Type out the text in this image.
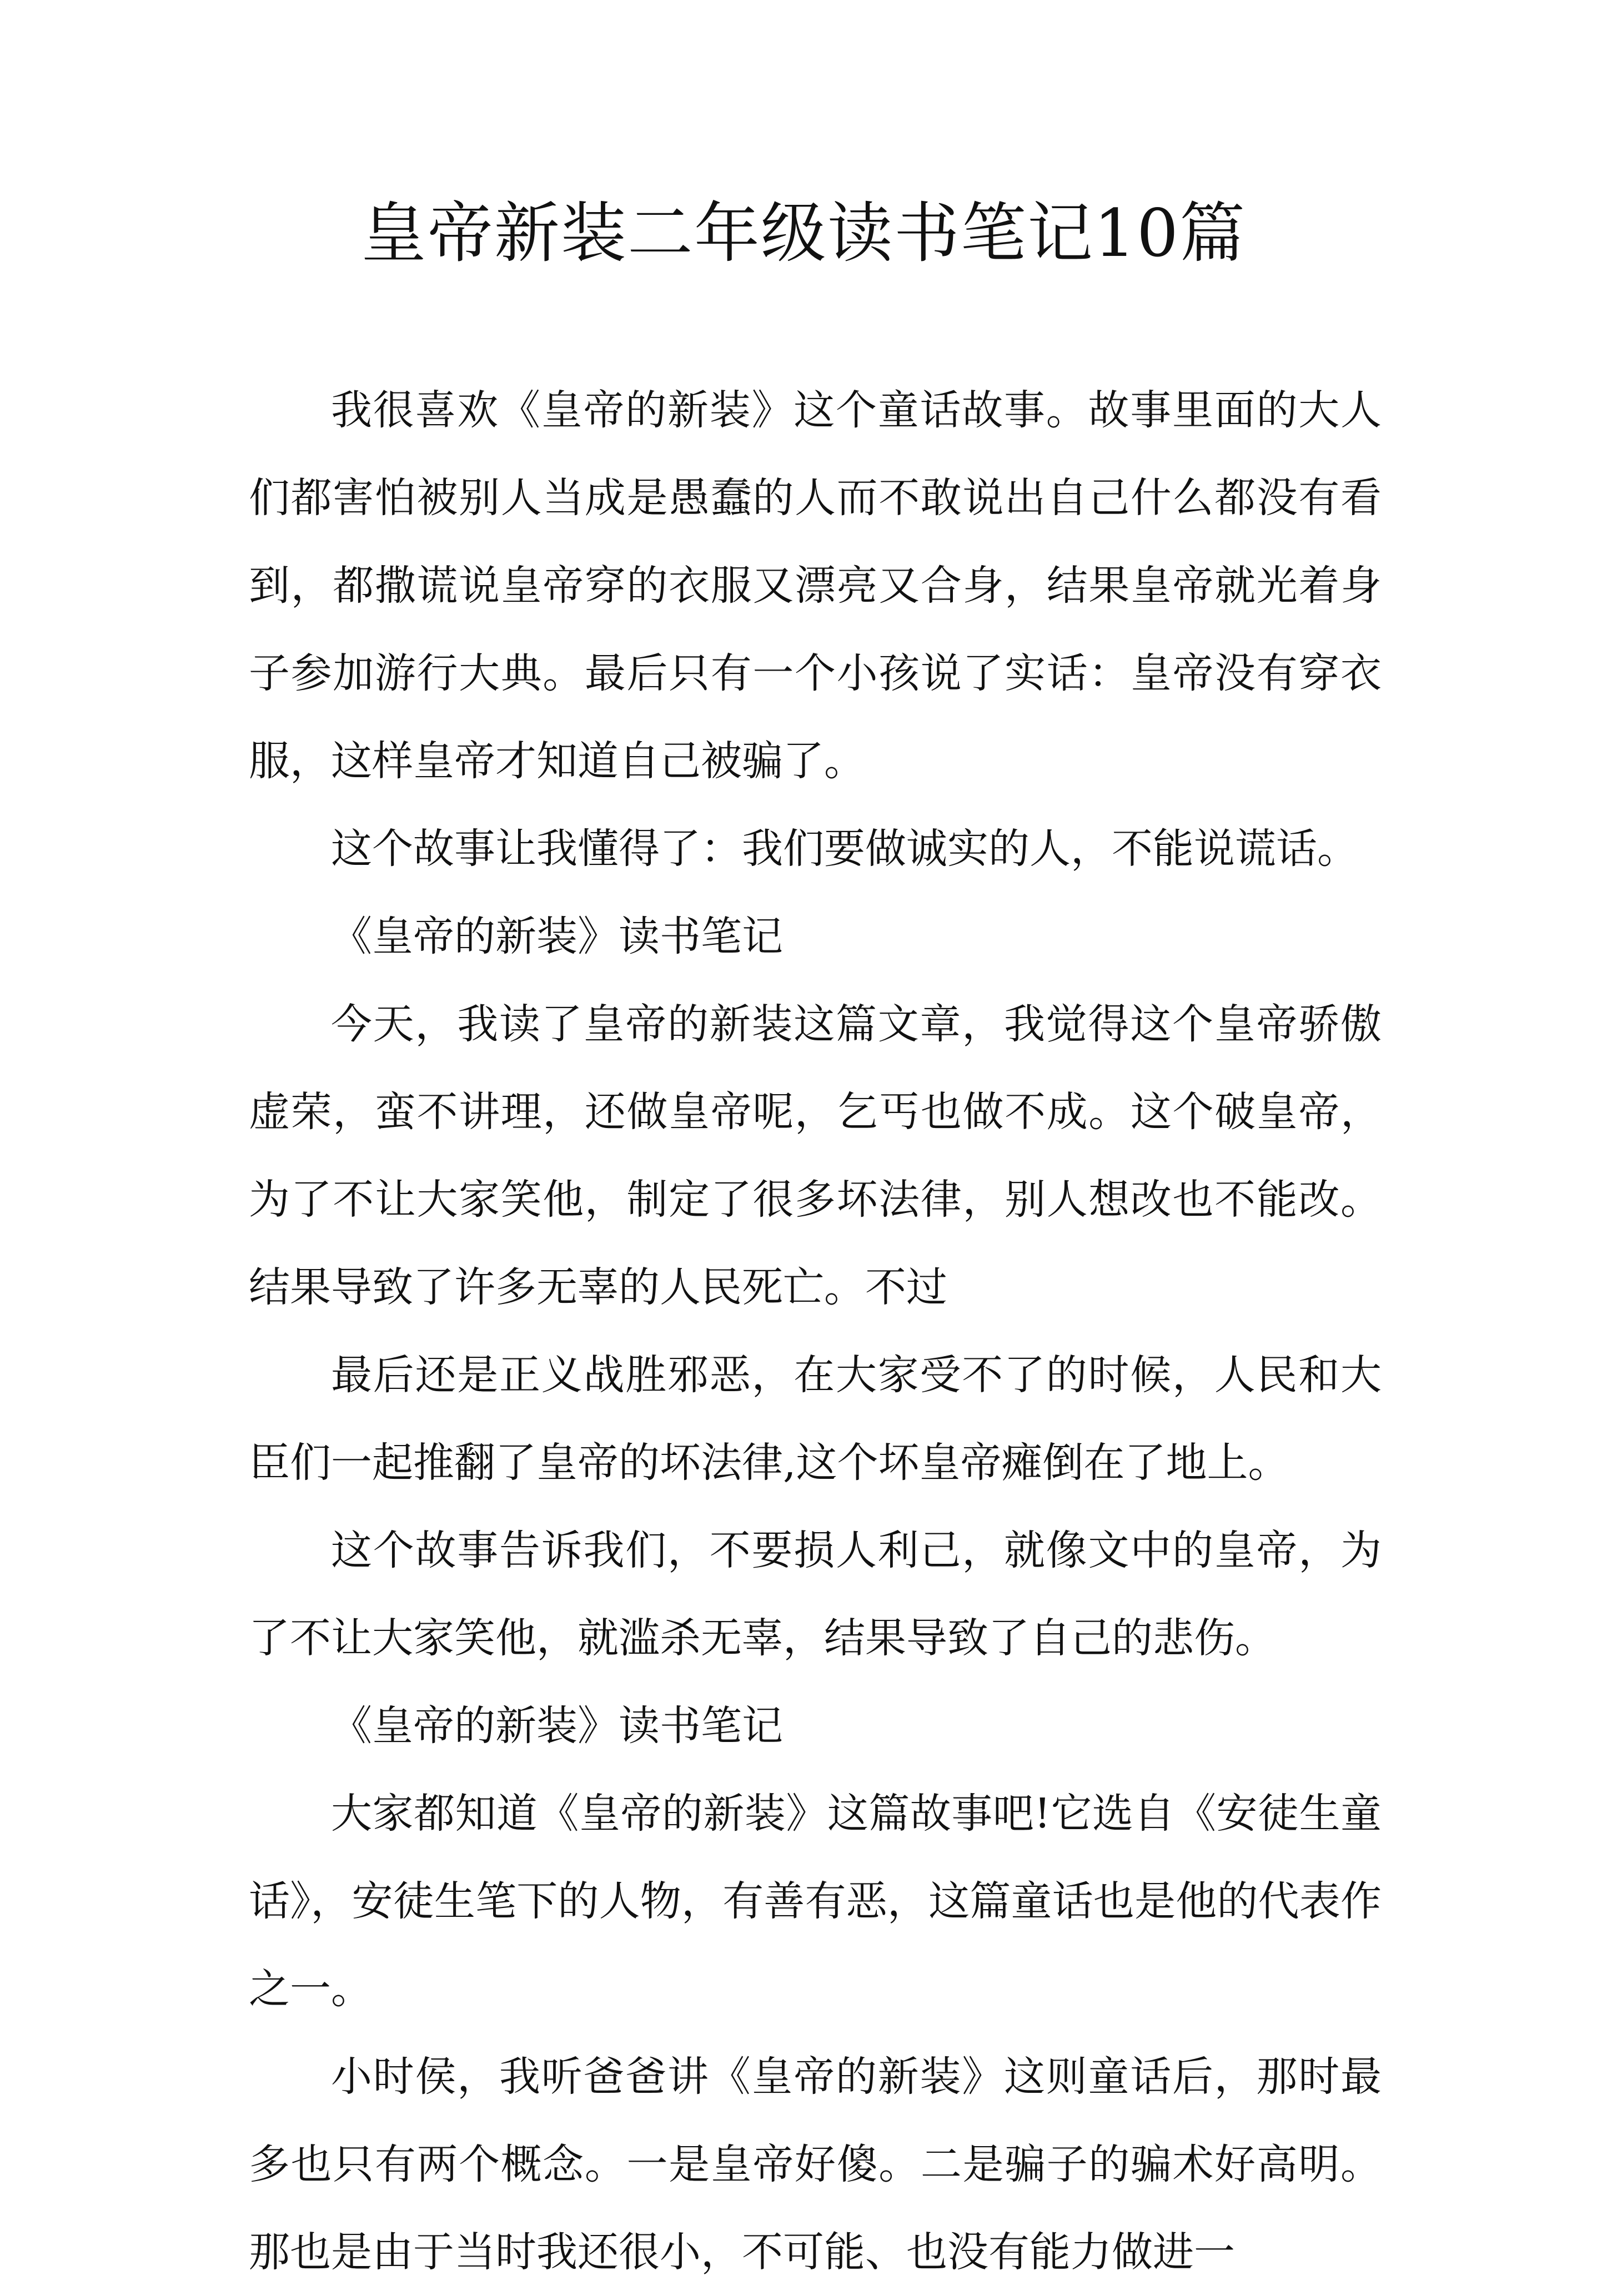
皇帝新装二年级读书笔记10篇

我很喜欢《皇帝的新装》这个童话故事。故事里面的大人们都害怕被别人当成是愚蠢的人而不敢说出自己什么都没有看到，都撒谎说皇帝穿的衣服又漂亮又合身，结果皇帝就光着身子参加游行大典。最后只有一个小孩说了实话：皇帝没有穿衣服，这样皇帝才知道自己被骗了。

这个故事让我懂得了：我们要做诚实的人，不能说谎话。

《皇帝的新装》读书笔记

今天，我读了皇帝的新装这篇文章，我觉得这个皇帝骄傲虚荣，蛮不讲理，还做皇帝呢，乞丐也做不成。这个破皇帝，为了不让大家笑他，制定了很多坏法律，别人想改也不能改。结果导致了许多无辜的人民死亡。不过

最后还是正义战胜邪恶，在大家受不了的时候，人民和大臣们一起推翻了皇帝的坏法律,这个坏皇帝瘫倒在了地上。

这个故事告诉我们，不要损人利己，就像文中的皇帝，为了不让大家笑他，就滥杀无辜，结果导致了自己的悲伤。

《皇帝的新装》读书笔记

大家都知道《皇帝的新装》这篇故事吧!它选自《安徒生童话》，安徒生笔下的人物，有善有恶，这篇童话也是他的代表作之一。

小时侯，我听爸爸讲《皇帝的新装》这则童话后，那时最多也只有两个概念。一是皇帝好傻。二是骗子的骗术好高明。那也是由于当时我还很小，不可能、也没有能力做进一
